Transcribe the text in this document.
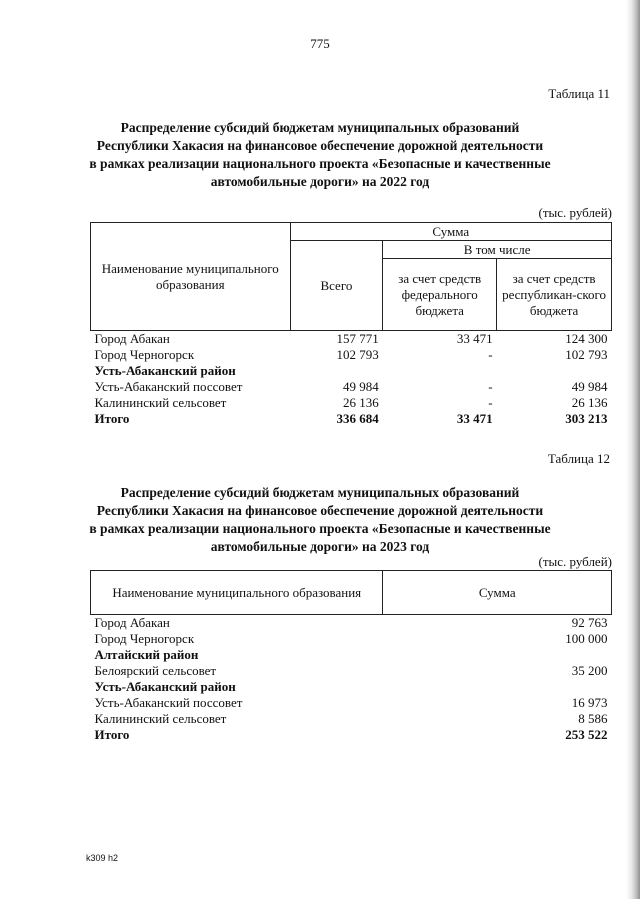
775
Таблица 11
Распределение субсидий бюджетам муниципальных образований
Республики Хакасия на финансовое обеспечение дорожной деятельности
в рамках реализации национального проекта «Безопасные и качественные
автомобильные дороги» на 2022 год
(тыс. рублей)
Наименование муниципального образования	Сумма		
	Всего	В том числе	
		за счет средств федерального бюджета	за счет средств республикан-ского бюджета
Город Абакан	157 771	33 471	124 300
Город Черногорск	102 793	-	102 793
Усть-Абаканский район			
Усть-Абаканский поссовет	49 984	-	49 984
Калининский сельсовет	26 136	-	26 136
Итого	336 684	33 471	303 213
Таблица 12
Распределение субсидий бюджетам муниципальных образований
Республики Хакасия на финансовое обеспечение дорожной деятельности
в рамках реализации национального проекта «Безопасные и качественные
автомобильные дороги» на 2023 год
(тыс. рублей)
Наименование муниципального образования	Сумма
Город Абакан	92 763
Город Черногорск	100 000
Алтайский район	
Белоярский сельсовет	35 200
Усть-Абаканский район	
Усть-Абаканский поссовет	16 973
Калининский сельсовет	8 586
Итого	253 522
k309 h2
